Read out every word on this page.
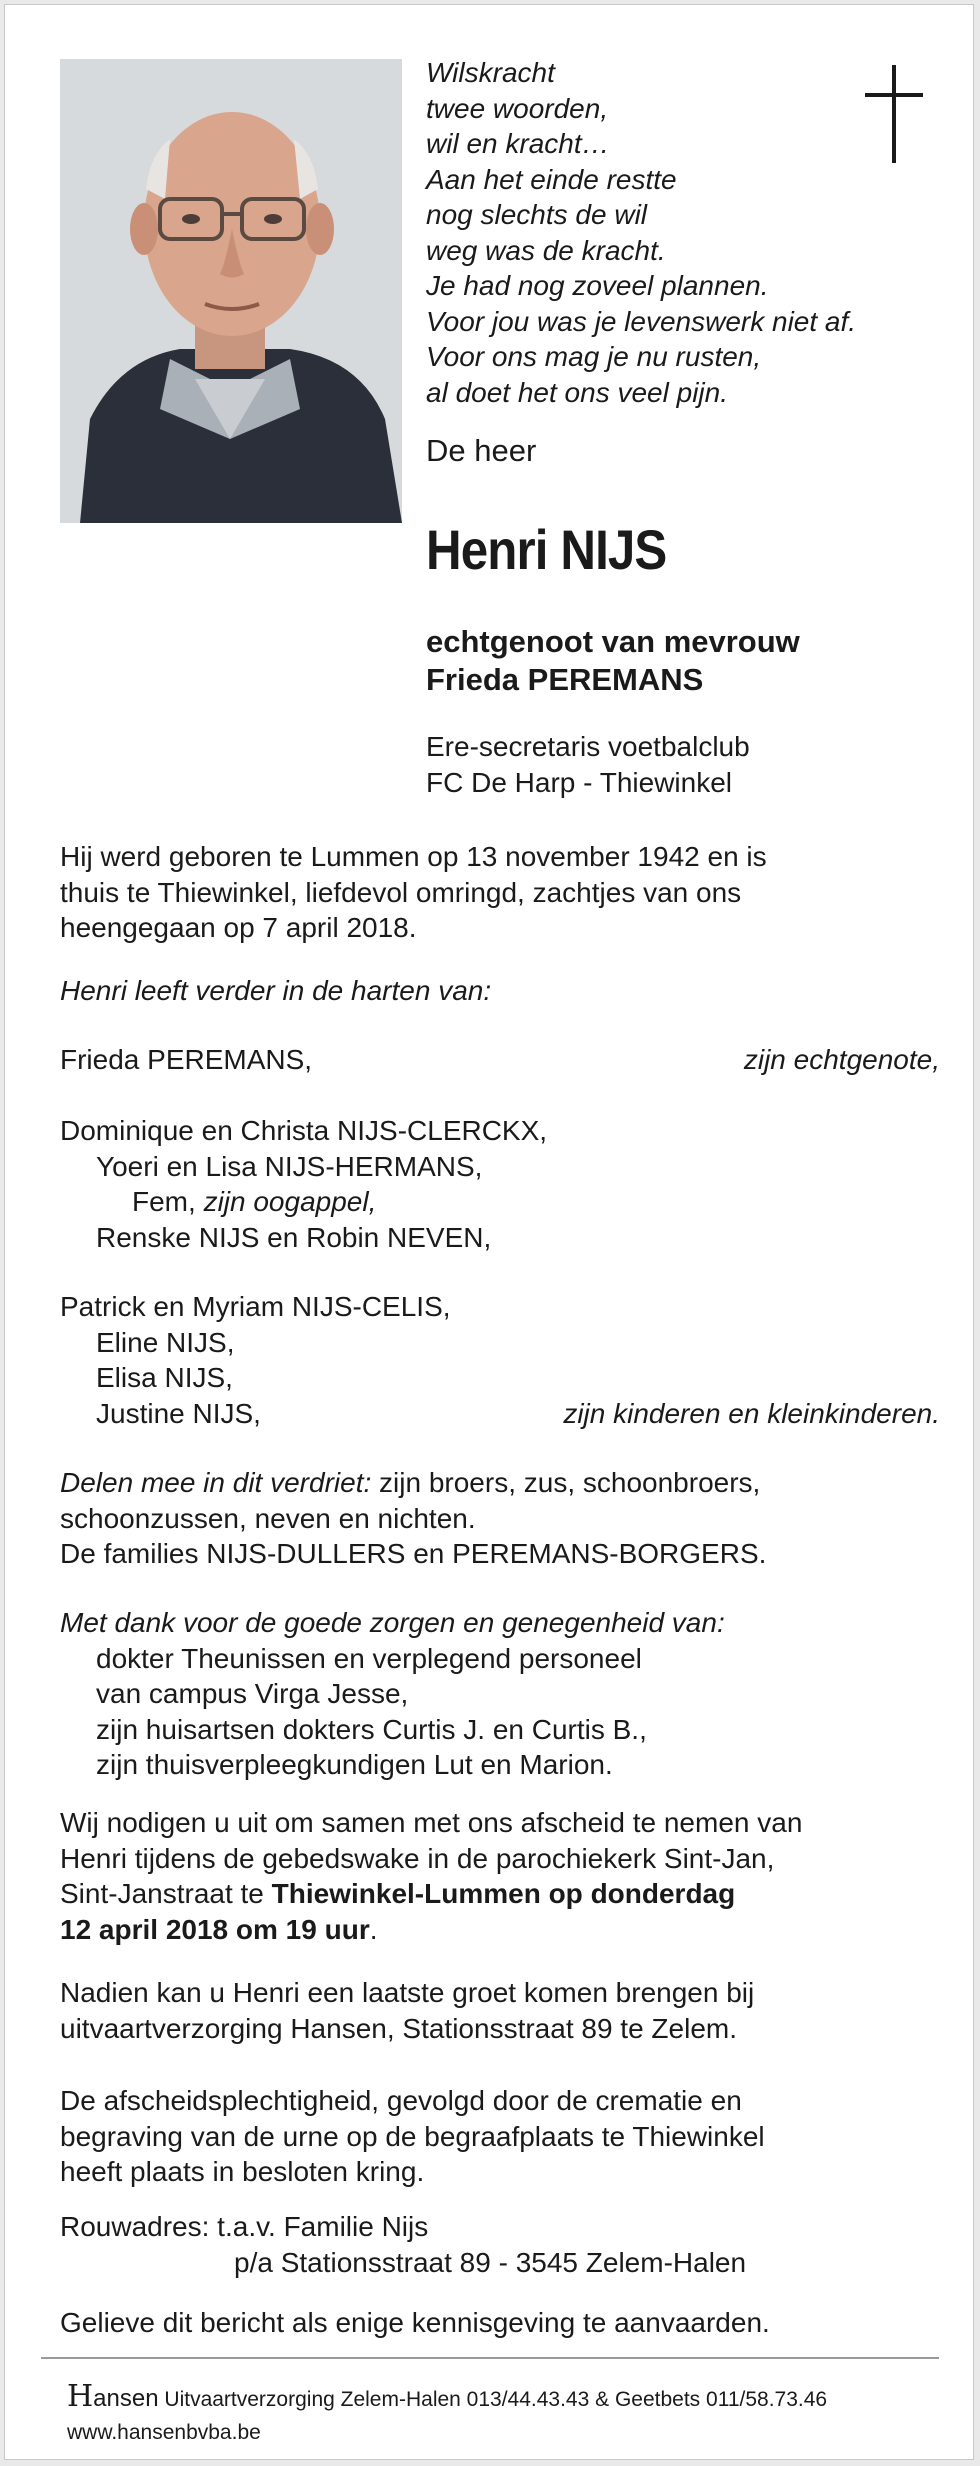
Wilskracht
twee woorden,
wil en kracht…
Aan het einde restte
nog slechts de wil
weg was de kracht.
Je had nog zoveel plannen.
Voor jou was je levenswerk niet af.
Voor ons mag je nu rusten,
al doet het ons veel pijn.
De heer
Henri NIJS
echtgenoot van mevrouw
Frieda PEREMANS
Ere-secretaris voetbalclub
FC De Harp - Thiewinkel
Hij werd geboren te Lummen op 13 november 1942 en is
thuis te Thiewinkel, liefdevol omringd, zachtjes van ons
heengegaan op 7 april 2018.
Henri leeft verder in de harten van:
Frieda PEREMANS,	zijn echtgenote,
Dominique en Christa NIJS-CLERCKX,
Yoeri en Lisa NIJS-HERMANS,
Fem, zijn oogappel,
Renske NIJS en Robin NEVEN,
Patrick en Myriam NIJS-CELIS,
Eline NIJS,
Elisa NIJS,
Justine NIJS,	zijn kinderen en kleinkinderen.
Delen mee in dit verdriet: zijn broers, zus, schoonbroers,
schoonzussen, neven en nichten.
De families NIJS-DULLERS en PEREMANS-BORGERS.
Met dank voor de goede zorgen en genegenheid van:
dokter Theunissen en verplegend personeel
van campus Virga Jesse,
zijn huisartsen dokters Curtis J. en Curtis B.,
zijn thuisverpleegkundigen Lut en Marion.
Wij nodigen u uit om samen met ons afscheid te nemen van
Henri tijdens de gebedswake in de parochiekerk Sint-Jan,
Sint-Janstraat te Thiewinkel-Lummen op donderdag
12 april 2018 om 19 uur.
Nadien kan u Henri een laatste groet komen brengen bij
uitvaartverzorging Hansen, Stationsstraat 89 te Zelem.
De afscheidsplechtigheid, gevolgd door de crematie en
begraving van de urne op de begraafplaats te Thiewinkel
heeft plaats in besloten kring.
Rouwadres: t.a.v. Familie Nijs
p/a Stationsstraat 89 - 3545 Zelem-Halen
Gelieve dit bericht als enige kennisgeving te aanvaarden.
Hansen Uitvaartverzorging Zelem-Halen 013/44.43.43 & Geetbets 011/58.73.46
www.hansenbvba.be
